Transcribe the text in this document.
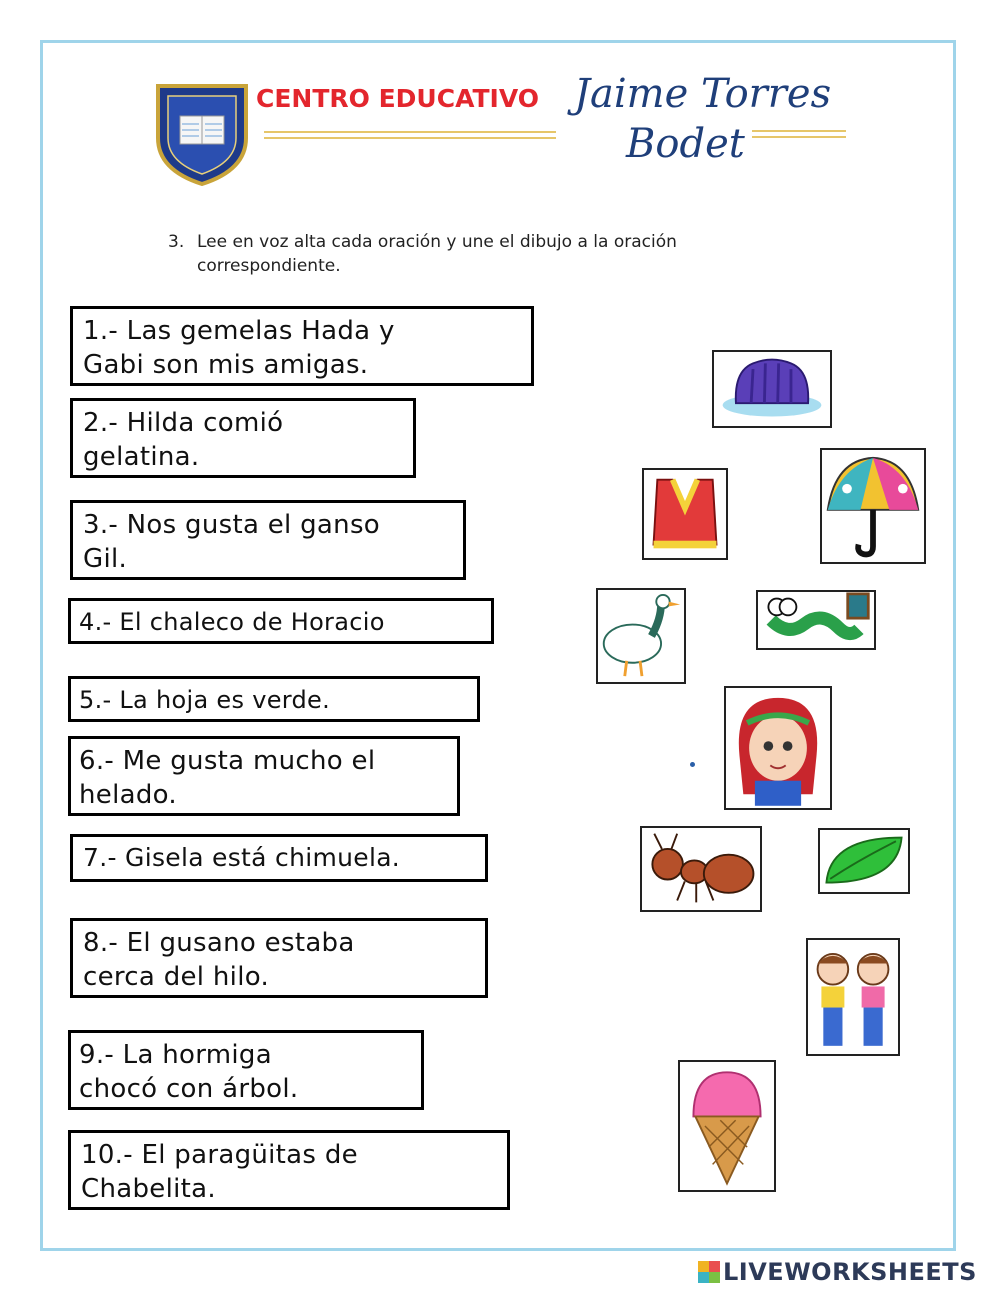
CENTRO EDUCATIVO Jaime Torres
Bodet
3. Lee en voz alta cada oración y une el dibujo a la oración correspondiente.
1.- Las gemelas Hada y
Gabi son mis amigas.
2.- Hilda comió
gelatina.
3.- Nos gusta el ganso
Gil.
4.- El chaleco de Horacio
5.- La hoja es verde.
6.- Me gusta mucho el
helado.
7.- Gisela está chimuela.
8.- El gusano estaba
cerca del hilo.
9.- La hormiga
chocó con árbol.
10.- El paragüitas de
Chabelita.
LIVEWORKSHEETS
